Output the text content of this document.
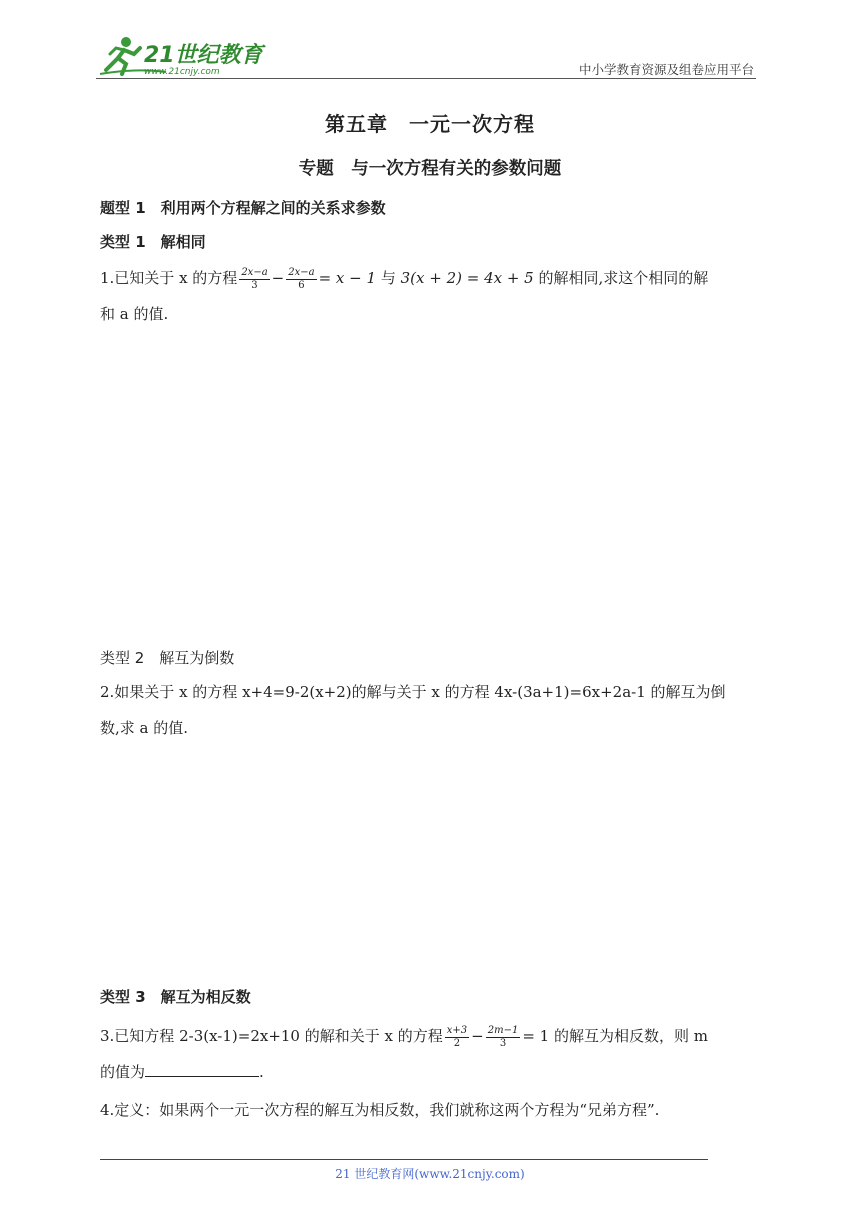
21世纪教育
www.21cnjy.com	中小学教育资源及组卷应用平台
第五章　一元一次方程
专题　与一次方程有关的参数问题
题型 1　利用两个方程解之间的关系求参数
类型 1　解相同
1.已知关于 x 的方程 $\frac{2x-a}{3} - \frac{2x-a}{6} = x - 1$ 与 3(x + 2) = 4x + 5 的解相同,求这个相同的解
和 a 的值.
类型 2　解互为倒数
2.如果关于 x 的方程 x+4=9-2(x+2)的解与关于 x 的方程 4x-(3a+1)=6x+2a-1 的解互为倒
数,求 a 的值.
类型 3　解互为相反数
3.已知方程 2-3(x-1)=2x+10 的解和关于 x 的方程 $\frac{x+3}{2} - \frac{2m-1}{3} = 1$ 的解互为相反数，则 m
的值为	.
4.定义：如果两个一元一次方程的解互为相反数，我们就称这两个方程为“兄弟方程”.
21 世纪教育网(www.21cnjy.com)
